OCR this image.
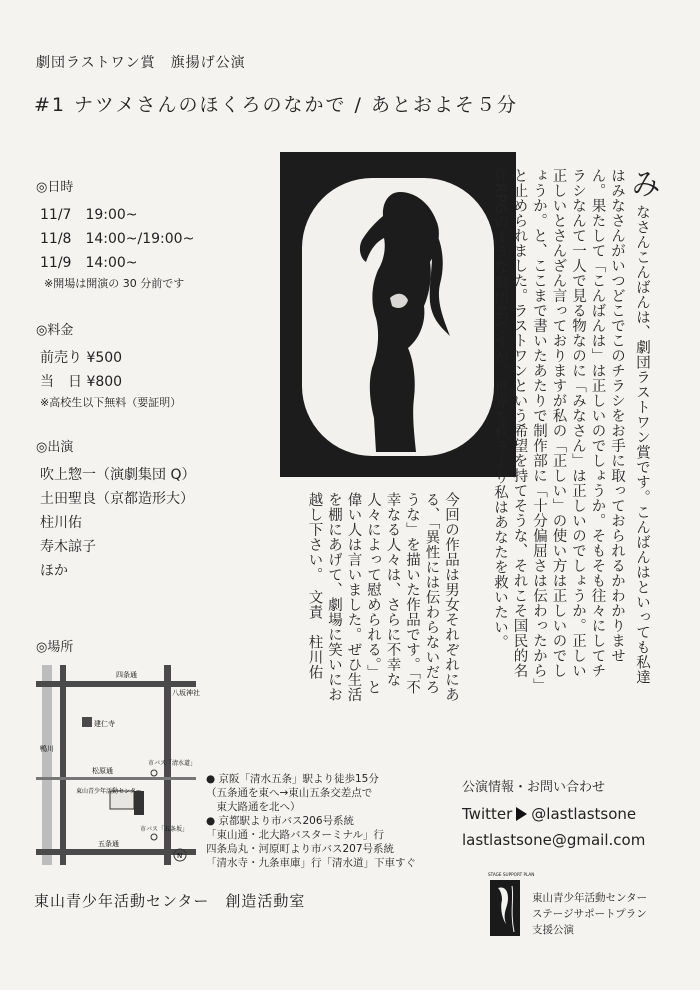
劇団ラストワン賞　旗揚げ公演
#1 ナツメさんのほくろのなかで / あとおよそ５分
◎日時
11/7　19:00~
11/8　14:00~/19:00~
11/9　14:00~
※開場は開演の 30 分前です
◎料金
前売り ¥500
当　日 ¥800
※高校生以下無料（要証明）
◎出演
吹上惣一（演劇集団 Q）
土田聖良（京都造形大）
柱川佑
寿木諒子
ほか
◎場所
みなさんこんばんは、劇団ラストワン賞です。こんばんはといっても私達はみなさんがいつどこでこのチラシをお手に取っておられるかわかりません。果たして「こんばんは」は正しいのでしょうか。そもそも往々にしてチラシなんて一人で見る物なのに「みなさん」は正しいのでしょうか。正しい正しいとさんざん言っておりますが私の「正しい」の使い方は正しいのでしょうか。と、ここまで書いたあたりで制作部に「十分偏屈さは伝わったから」と止められました。ラストワンという希望を持てそうな、それこそ国民的名作RPGのような劇団名ですが、世界を救うより私はあなたを救いたい。
今回の作品は男女それぞれにある、「異性には伝わらないだろうな」を描いた作品です。「不幸なる人々は、さらに不幸な人々によって慰められる。」と偉い人は言いました。ぜひ生活を棚にあげて、劇場に笑いにお越し下さい。　文責　柱川佑
鴨川
四条通
松原通
五条通
建仁寺
八坂神社
東山青少年活動センター
市バス「清水道」
市バス「五条坂」
N
● 京阪「清水五条」駅より徒歩15分
（五条通を東へ→東山五条交差点で
　東大路通を北へ）
● 京都駅より市バス206号系統
「東山通・北大路バスターミナル」行
四条烏丸・河原町より市バス207号系統
「清水寺・九条車庫」行「清水道」下車すぐ
東山青少年活動センター　創造活動室
公演情報・お問い合わせ
Twitter @lastlastsone
lastlastsone@gmail.com
STAGE SUPPORT PLAN
東山青少年活動センター
ステージサポートプラン
支援公演
